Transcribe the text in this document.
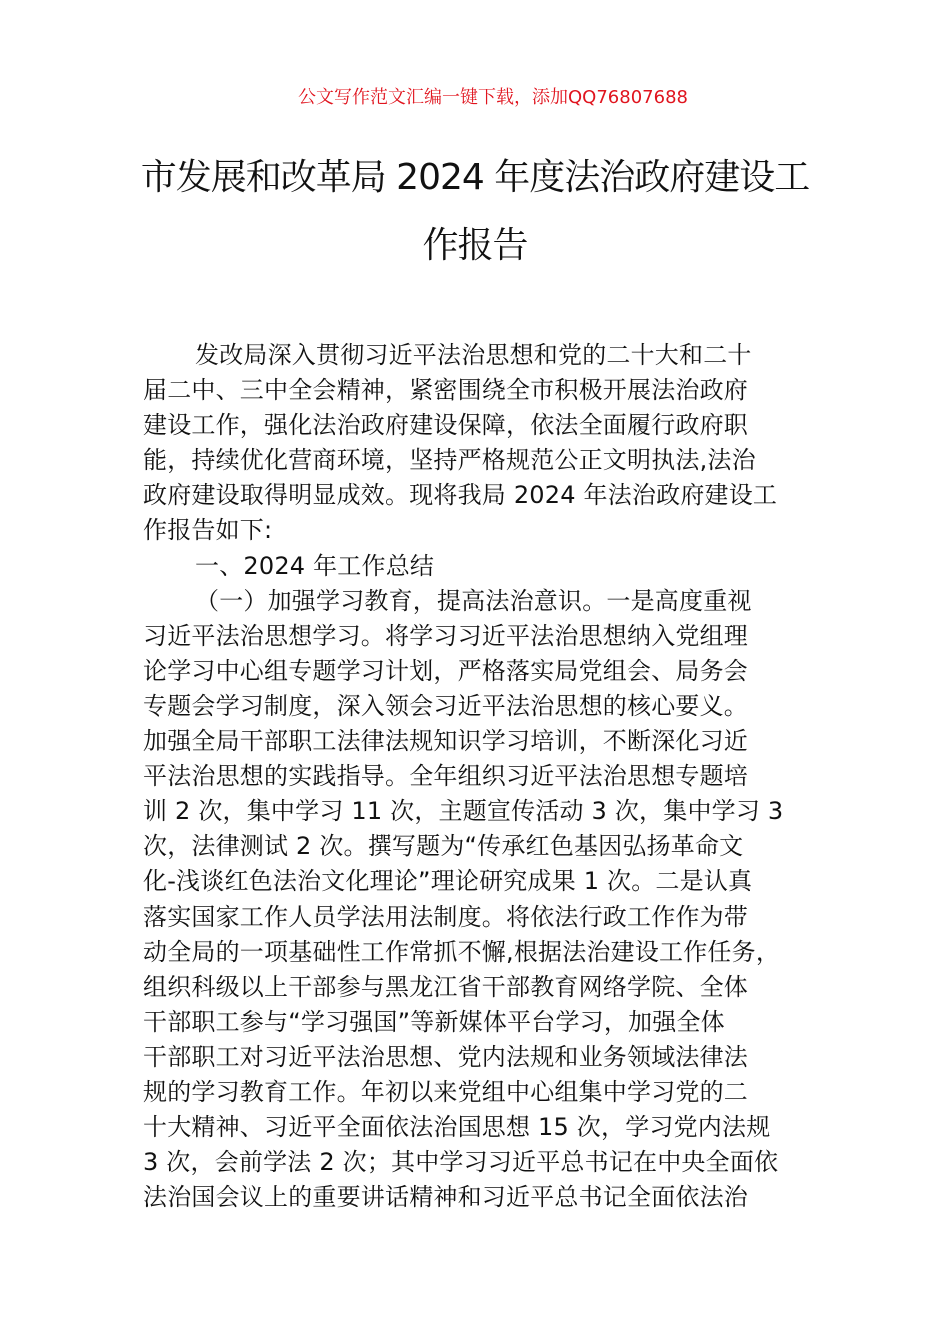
公文写作范文汇编一键下载，添加QQ76807688
市发展和改革局 2024 年度法治政府建设工
作报告
发改局深入贯彻习近平法治思想和党的二十大和二十
届二中、三中全会精神，紧密围绕全市积极开展法治政府
建设工作，强化法治政府建设保障，依法全面履行政府职
能，持续优化营商环境，坚持严格规范公正文明执法,法治
政府建设取得明显成效。现将我局 2024 年法治政府建设工
作报告如下:
一、2024 年工作总结
（一）加强学习教育，提高法治意识。一是高度重视
习近平法治思想学习。将学习习近平法治思想纳入党组理
论学习中心组专题学习计划，严格落实局党组会、局务会
专题会学习制度，深入领会习近平法治思想的核心要义。
加强全局干部职工法律法规知识学习培训，不断深化习近
平法治思想的实践指导。全年组织习近平法治思想专题培
训 2 次，集中学习 11 次，主题宣传活动 3 次，集中学习 3
次，法律测试 2 次。撰写题为“传承红色基因弘扬革命文
化-浅谈红色法治文化理论”理论研究成果 1 次。二是认真
落实国家工作人员学法用法制度。将依法行政工作作为带
动全局的一项基础性工作常抓不懈,根据法治建设工作任务，
组织科级以上干部参与黑龙江省干部教育网络学院、全体
干部职工参与“学习强国”等新媒体平台学习，加强全体
干部职工对习近平法治思想、党内法规和业务领域法律法
规的学习教育工作。年初以来党组中心组集中学习党的二
十大精神、习近平全面依法治国思想 15 次，学习党内法规
3 次，会前学法 2 次；其中学习习近平总书记在中央全面依
法治国会议上的重要讲话精神和习近平总书记全面依法治
